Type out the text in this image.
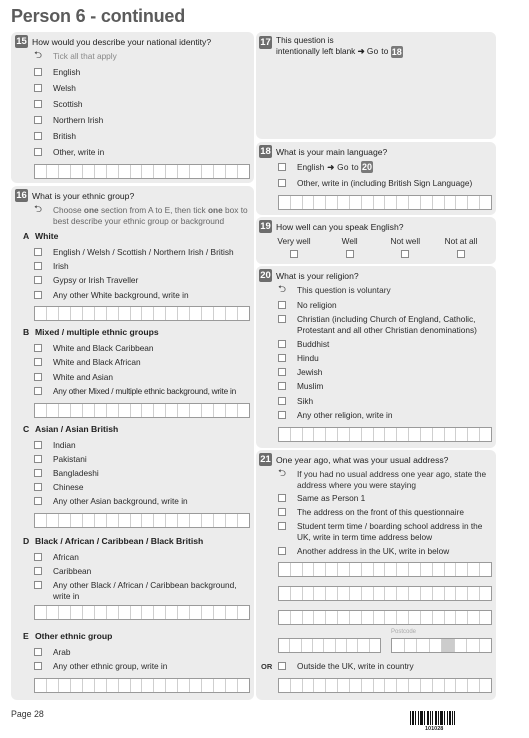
Person 6 - continued
15 How would you describe your national identity?
⮌ Tick all that apply
English
Welsh
Scottish
Northern Irish
British
Other, write in
16 What is your ethnic group?
⮌ Choose one section from A to E, then tick one box to best describe your ethnic group or background
A White
English / Welsh / Scottish / Northern Irish / British
Irish
Gypsy or Irish Traveller
Any other White background, write in
B Mixed / multiple ethnic groups
White and Black Caribbean
White and Black African
White and Asian
Any other Mixed / multiple ethnic background, write in
C Asian / Asian British
Indian
Pakistani
Bangladeshi
Chinese
Any other Asian background, write in
D Black / African / Caribbean / Black British
African
Caribbean
Any other Black / African / Caribbean background, write in
E Other ethnic group
Arab
Any other ethnic group, write in
17 This question is
intentionally left blank ➜ Go to 18
18 What is your main language?
English ➜ Go to 20
Other, write in (including British Sign Language)
19 How well can you speak English?
Very well	Well	Not well	Not at all
20 What is your religion?
⮌ This question is voluntary
No religion
Christian (including Church of England, Catholic, Protestant and all other Christian denominations)
Buddhist
Hindu
Jewish
Muslim
Sikh
Any other religion, write in
21 One year ago, what was your usual address?
⮌ If you had no usual address one year ago, state the address where you were staying
Same as Person 1
The address on the front of this questionnaire
Student term time / boarding school address in the UK, write in term time address below
Another address in the UK, write in below
Postcode
OR	Outside the UK, write in country
Page 28
101028
